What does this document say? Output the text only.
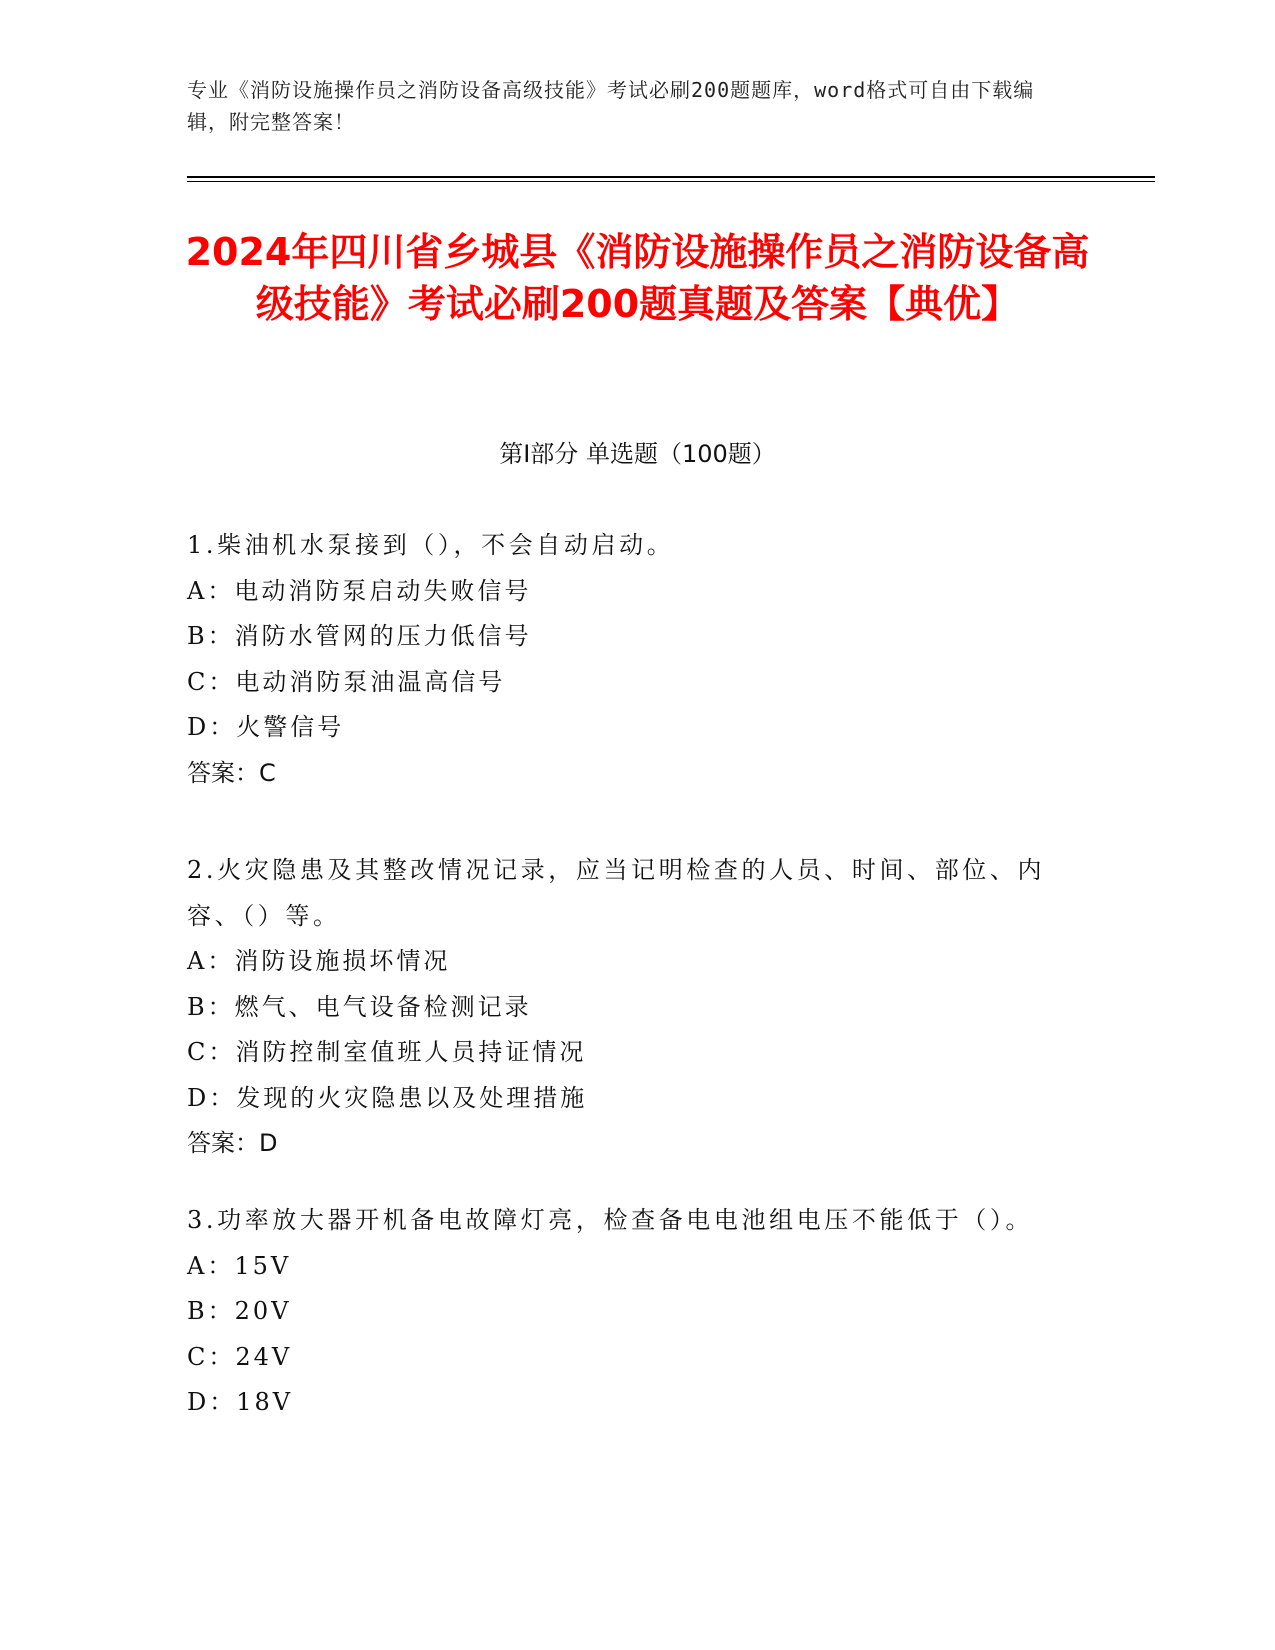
专业《消防设施操作员之消防设备高级技能》考试必刷200题题库，word格式可自由下载编辑，附完整答案！
2024年四川省乡城县《消防设施操作员之消防设备高级技能》考试必刷200题真题及答案【典优】
第I部分 单选题（100题）
1.柴油机水泵接到（），不会自动启动。
A：电动消防泵启动失败信号
B：消防水管网的压力低信号
C：电动消防泵油温高信号
D：火警信号
答案：C
2.火灾隐患及其整改情况记录，应当记明检查的人员、时间、部位、内容、（）等。
A：消防设施损坏情况
B：燃气、电气设备检测记录
C：消防控制室值班人员持证情况
D：发现的火灾隐患以及处理措施
答案：D
3.功率放大器开机备电故障灯亮，检查备电电池组电压不能低于（）。
A：15V
B：20V
C：24V
D：18V
